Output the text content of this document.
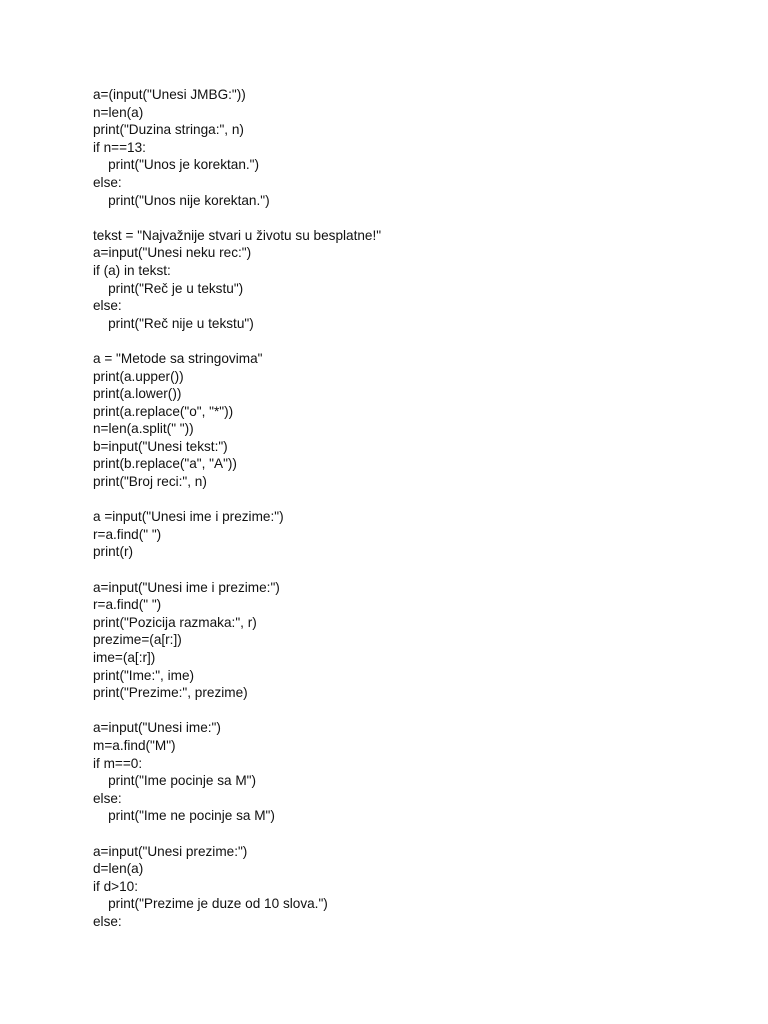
a=(input("Unesi JMBG:"))
n=len(a)
print("Duzina stringa:", n)
if n==13:
print("Unos je korektan.")
else:
print("Unos nije korektan.")
tekst = "Najvažnije stvari u životu su besplatne!"
a=input("Unesi neku rec:")
if (a) in tekst:
print("Reč je u tekstu")
else:
print("Reč nije u tekstu")
a = "Metode sa stringovima"
print(a.upper())
print(a.lower())
print(a.replace("o", "*"))
n=len(a.split(" "))
b=input("Unesi tekst:")
print(b.replace("a", "A"))
print("Broj reci:", n)
a =input("Unesi ime i prezime:")
r=a.find(" ")
print(r)
a=input("Unesi ime i prezime:")
r=a.find(" ")
print("Pozicija razmaka:", r)
prezime=(a[r:])
ime=(a[:r])
print("Ime:", ime)
print("Prezime:", prezime)
a=input("Unesi ime:")
m=a.find("M")
if m==0:
print("Ime pocinje sa M")
else:
print("Ime ne pocinje sa M")
a=input("Unesi prezime:")
d=len(a)
if d>10:
print("Prezime je duze od 10 slova.")
else:
